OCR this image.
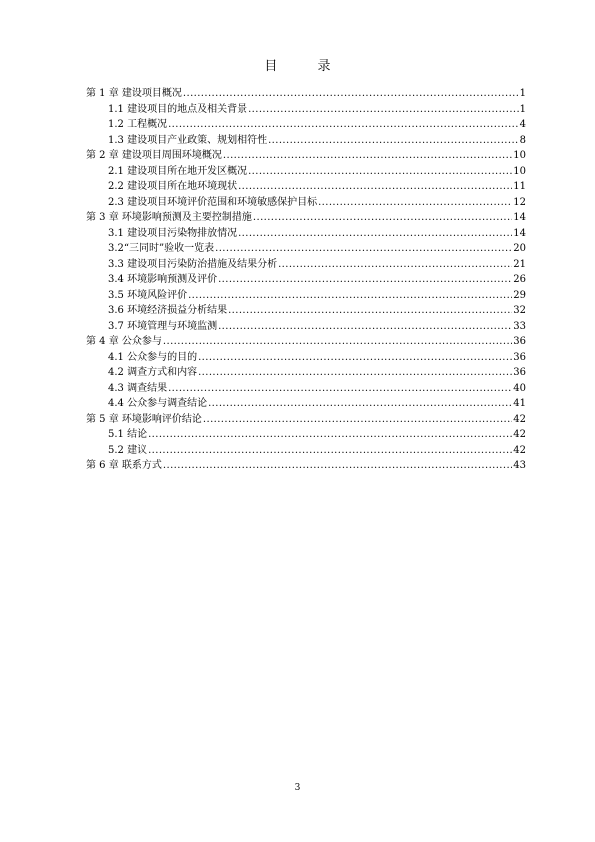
目 录
第 1 章 建设项目概况 .....	1
1.1 建设项目的地点及相关背景 .....	1
1.2 工程概况 .....	4
1.3 建设项目产业政策、规划相符性 .....	8
第 2 章 建设项目周围环境概况 .....	10
2.1 建设项目所在地开发区概况 .....	10
2.2 建设项目所在地环境现状 .....	11
2.3 建设项目环境评价范围和环境敏感保护目标 .....	12
第 3 章 环境影响预测及主要控制措施 .....	14
3.1 建设项目污染物排放情况 .....	14
3.2“三同时”验收一览表 .....	20
3.3 建设项目污染防治措施及结果分析 .....	21
3.4 环境影响预测及评价 .....	26
3.5 环境风险评价 .....	29
3.6 环境经济损益分析结果 .....	32
3.7 环境管理与环境监测 .....	33
第 4 章 公众参与 .....	36
4.1 公众参与的目的 .....	36
4.2 调查方式和内容 .....	36
4.3 调查结果 .....	40
4.4 公众参与调查结论 .....	41
第 5 章 环境影响评价结论 .....	42
5.1 结论 .....	42
5.2 建议 .....	42
第 6 章 联系方式 .....	43
3
